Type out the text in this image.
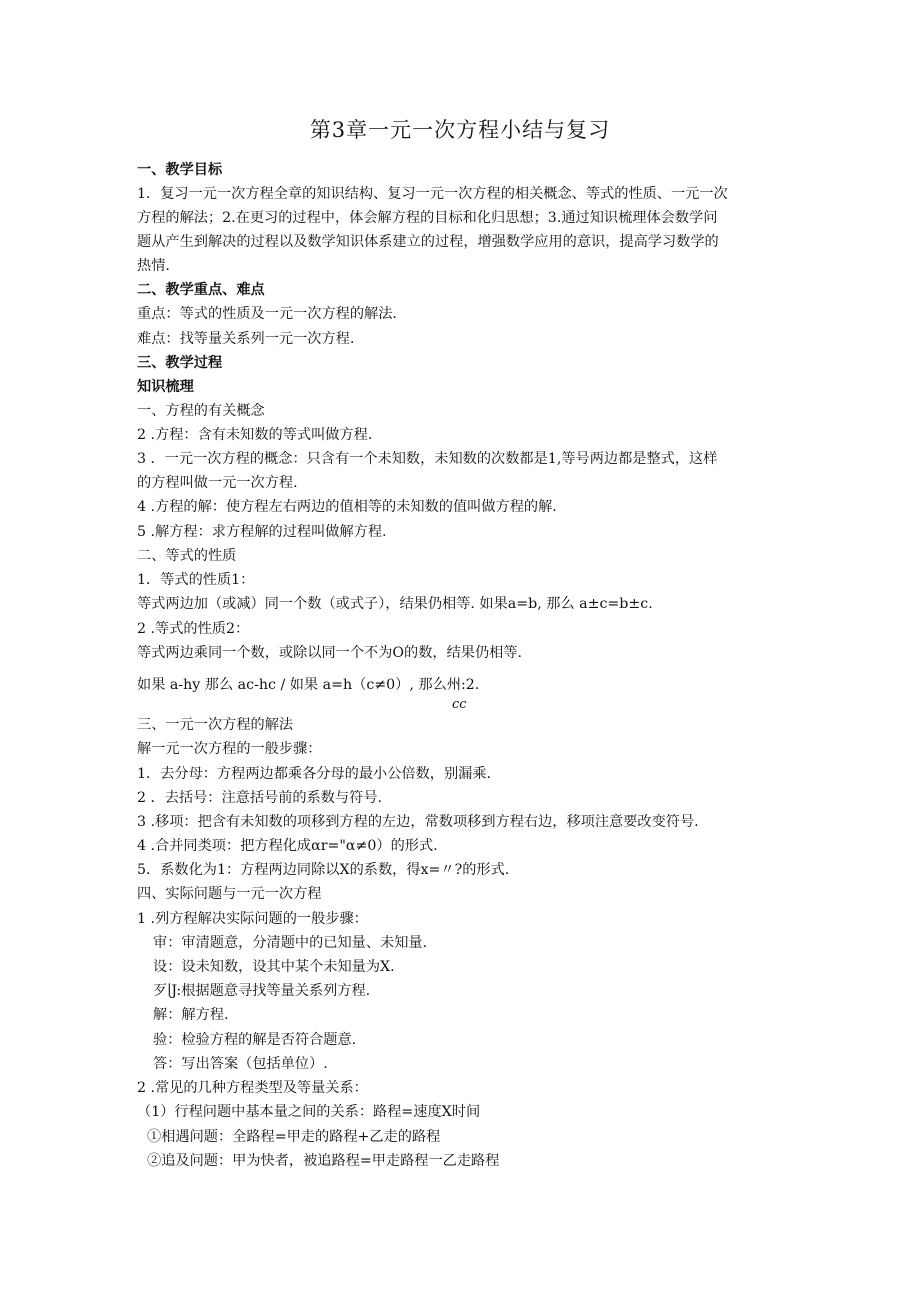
第3章一元一次方程小结与复习
一、教学目标
1．复习一元一次方程全章的知识结构、复习一元一次方程的相关概念、等式的性质、一元一次
方程的解法；2.在更习的过程中，体会解方程的目标和化归思想；3.通过知识梳理体会数学问
题从产生到解决的过程以及数学知识体系建立的过程，增强数学应用的意识，提高学习数学的
热情.
二、教学重点、难点
重点：等式的性质及一元一次方程的解法.
难点：找等量关系列一元一次方程.
三、教学过程
知识梳理
一、方程的有关概念
2 .方程：含有未知数的等式叫做方程.
3 ．一元一次方程的概念：只含有一个未知数，未知数的次数都是1,等号两边都是整式，这样
的方程叫做一元一次方程.
4 .方程的解：使方程左右两边的值相等的未知数的值叫做方程的解.
5 .解方程：求方程解的过程叫做解方程.
二、等式的性质
1．等式的性质1：
等式两边加（或减）同一个数（或式子），结果仍相等. 如果a=b, 那么 a±c=b±c.
2 .等式的性质2：
等式两边乘同一个数，或除以同一个不为O的数，结果仍相等.
如果 a-hy 那么 ac-hc ∕ 如果 a=h（c≠0）, 那么州:2.
cc
三、一元一次方程的解法
解一元一次方程的一般步骤：
1．去分母：方程两边都乘各分母的最小公倍数，别漏乘.
2 ．去括号：注意括号前的系数与符号.
3 .移项：把含有未知数的项移到方程的左边，常数项移到方程右边，移项注意要改变符号.
4 .合并同类项：把方程化成αr="α≠0）的形式.
5．系数化为1：方程两边同除以X的系数，得x=〃?的形式.
四、实际问题与一元一次方程
1 .列方程解决实际问题的一般步骤：
审：审清题意，分清题中的已知量、未知量.
设：设未知数，设其中某个未知量为X.
歹∣J:根据题意寻找等量关系列方程.
解：解方程.
验：检验方程的解是否符合题意.
答：写出答案（包括单位）.
2 .常见的几种方程类型及等量关系：
（1）行程问题中基本量之间的关系：路程=速度X时间
①相遇问题：全路程=甲走的路程+乙走的路程
②追及问题：甲为快者，被追路程=甲走路程一乙走路程
